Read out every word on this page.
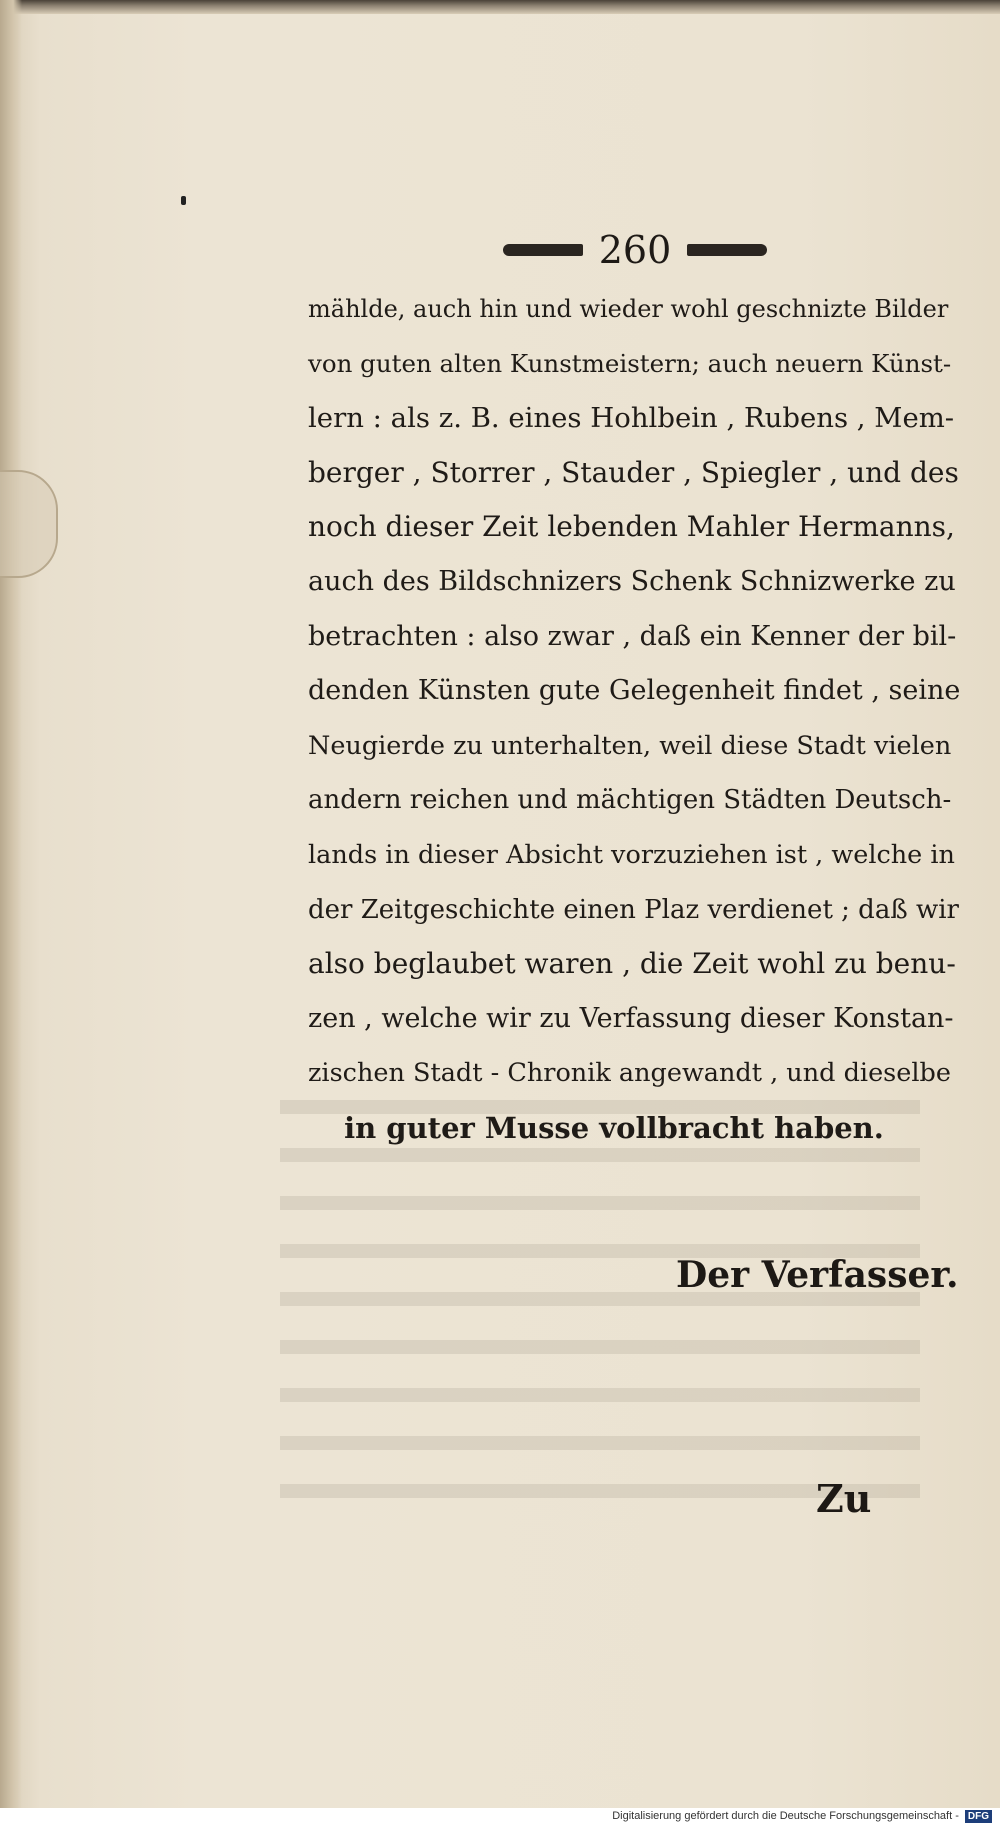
260
mählde, auch hin und wieder wohl geschnizte Bilder
von guten alten Kunstmeistern; auch neuern Künst-
lern : als z. B. eines Hohlbein , Rubens , Mem-
berger , Storrer , Stauder , Spiegler , und des
noch dieser Zeit lebenden Mahler Hermanns,
auch des Bildschnizers Schenk Schnizwerke zu
betrachten : also zwar , daß ein Kenner der bil-
denden Künsten gute Gelegenheit findet , seine
Neugierde zu unterhalten, weil diese Stadt vielen
andern reichen und mächtigen Städten Deutsch-
lands in dieser Absicht vorzuziehen ist , welche in
der Zeitgeschichte einen Plaz verdienet ; daß wir
also beglaubet waren , die Zeit wohl zu benu-
zen , welche wir zu Verfassung dieser Konstan-
zischen Stadt - Chronik angewandt , und dieselbe
in guter Musse vollbracht haben.
Der Verfasser.
Zu
Digitalisierung gefördert durch die Deutsche Forschungsgemeinschaft - DFG
